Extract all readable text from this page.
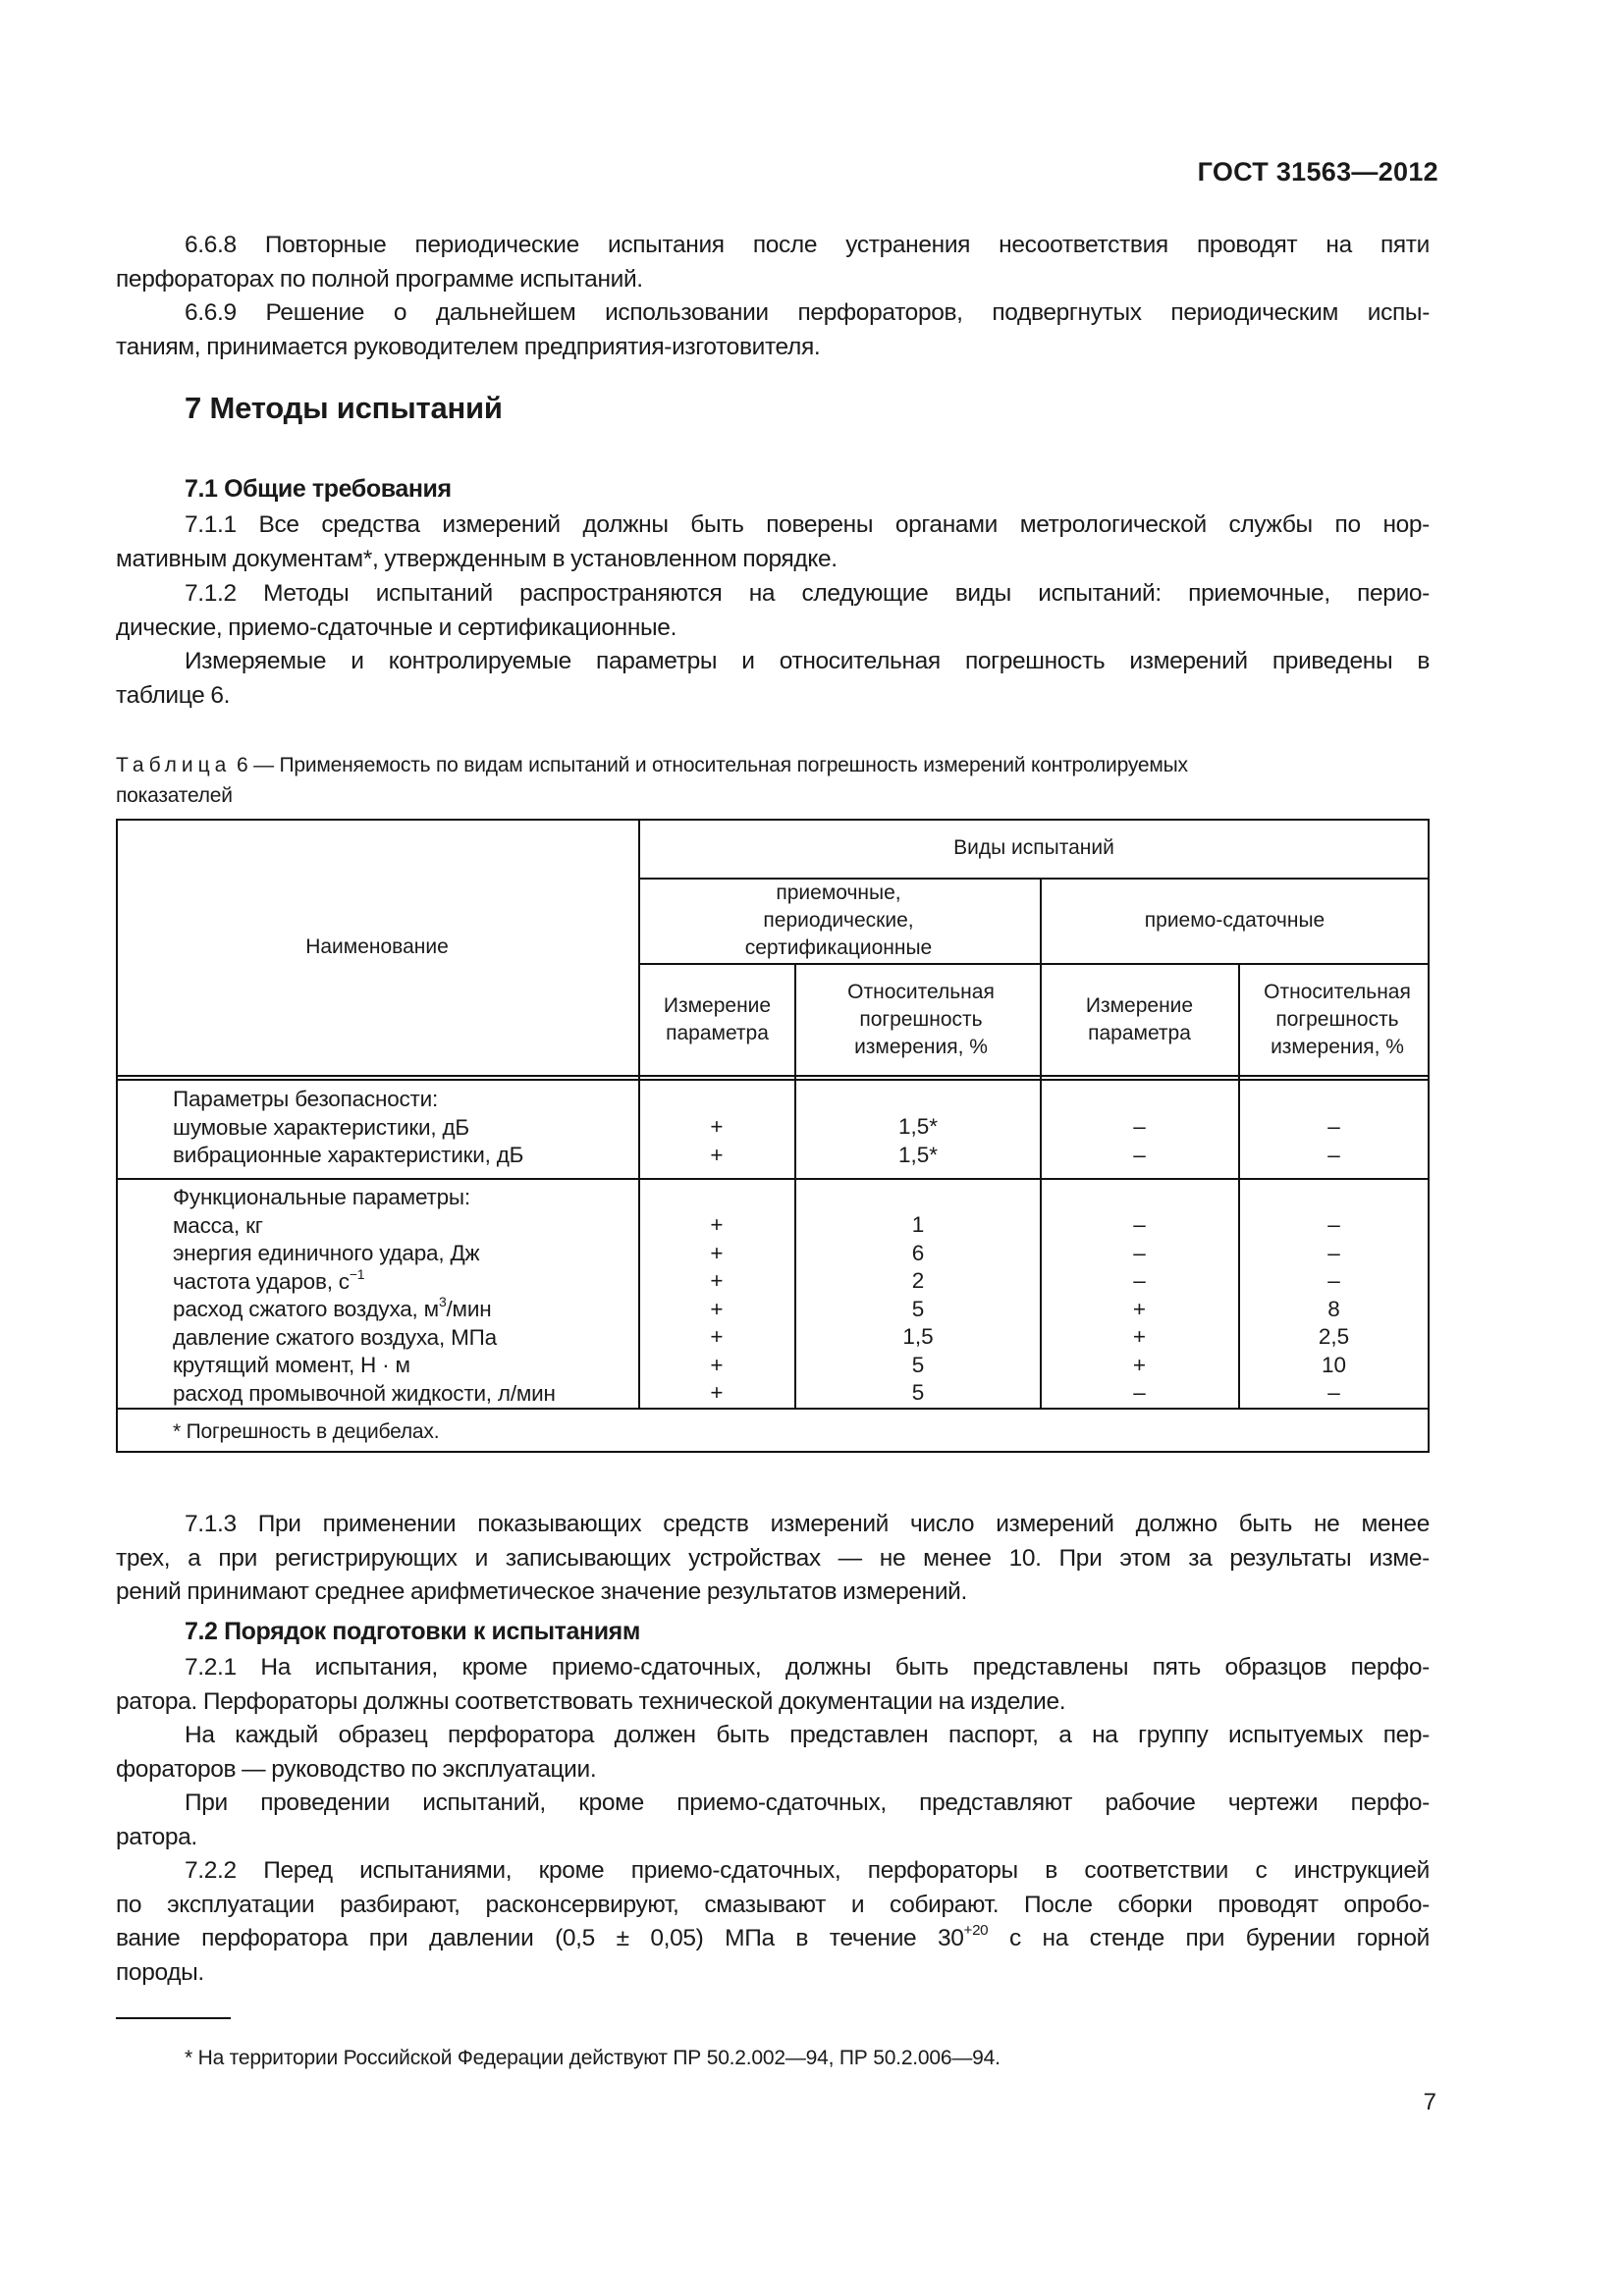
ГОСТ 31563—2012
6.6.8 Повторные периодические испытания после устранения несоответствия проводят на пяти
перфораторах по полной программе испытаний.
6.6.9 Решение о дальнейшем использовании перфораторов, подвергнутых периодическим испы-
таниям, принимается руководителем предприятия-изготовителя.
7 Методы испытаний
7.1 Общие требования
7.1.1 Все средства измерений должны быть поверены органами метрологической службы по нор-
мативным документам*, утвержденным в установленном порядке.
7.1.2 Методы испытаний распространяются на следующие виды испытаний: приемочные, перио-
дические, приемо-сдаточные и сертификационные.
Измеряемые и контролируемые параметры и относительная погрешность измерений приведены в
таблице 6.
Таблица 6 — Применяемость по видам испытаний и относительная погрешность измерений контролируемых
показателей
Наименование
Виды испытаний
приемочные, периодические, сертификационные
приемо-сдаточные
Измерение параметра
Относительная погрешность измерения, %
Измерение параметра
Относительная погрешность измерения, %
Параметры безопасности:
шумовые характеристики, дБ
вибрационные характеристики, дБ
+
+
1,5*
1,5*
–
–
–
–
Функциональные параметры:
масса, кг
энергия единичного удара, Дж
частота ударов, $с^{-1}$
расход сжатого воздуха, $м^3$/мин
давление сжатого воздуха, МПа
крутящий момент, Н · м
расход промывочной жидкости, л/мин
+
+
+
+
+
+
+
1
6
2
5
1,5
5
5
–
–
–
+
+
+
–
–
–
–
8
2,5
10
–
* Погрешность в децибелах.
7.1.3 При применении показывающих средств измерений число измерений должно быть не менее
трех, а при регистрирующих и записывающих устройствах — не менее 10. При этом за результаты изме-
рений принимают среднее арифметическое значение результатов измерений.
7.2 Порядок подготовки к испытаниям
7.2.1 На испытания, кроме приемо-сдаточных, должны быть представлены пять образцов перфо-
ратора. Перфораторы должны соответствовать технической документации на изделие.
На каждый образец перфоратора должен быть представлен паспорт, а на группу испытуемых пер-
фораторов — руководство по эксплуатации.
При проведении испытаний, кроме приемо-сдаточных, представляют рабочие чертежи перфо-
ратора.
7.2.2 Перед испытаниями, кроме приемо-сдаточных, перфораторы в соответствии с инструкцией
по эксплуатации разбирают, расконсервируют, смазывают и собирают. После сборки проводят опробо-
вание перфоратора при давлении (0,5 ± 0,05) МПа в течение $30^{+20}$ с на стенде при бурении горной
породы.
* На территории Российской Федерации действуют ПР 50.2.002—94, ПР 50.2.006—94.
7
